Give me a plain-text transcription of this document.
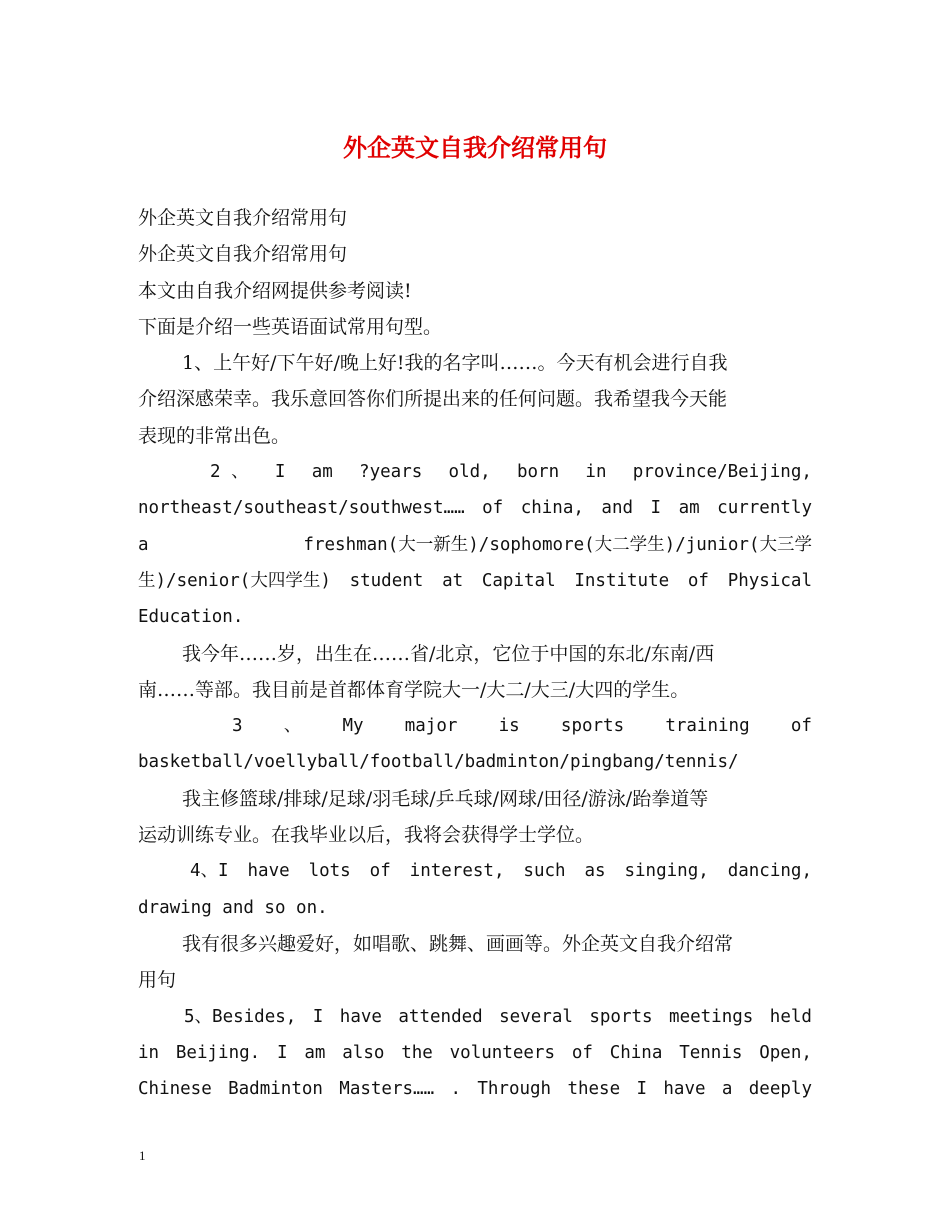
外企英文自我介绍常用句
外企英文自我介绍常用句
外企英文自我介绍常用句
本文由自我介绍网提供参考阅读!
下面是介绍一些英语面试常用句型。
1、上午好/下午好/晚上好!我的名字叫……。今天有机会进行自我
介绍深感荣幸。我乐意回答你们所提出来的任何问题。我希望我今天能
表现的非常出色。
2 、 I am ?years old, born in province/Beijing,
northeast/southeast/southwest…… of china, and I am currently
a	freshman(大一新生)/sophomore(大二学生)/junior(大三学
生)/senior(大四学生) student at Capital Institute of Physical
Education.
我今年……岁，出生在……省/北京，它位于中国的东北/东南/西
南……等部。我目前是首都体育学院大一/大二/大三/大四的学生。
3 、 My major is sports training of
basketball/voellyball/football/badminton/pingbang/tennis/
我主修篮球/排球/足球/羽毛球/乒乓球/网球/田径/游泳/跆拳道等
运动训练专业。在我毕业以后，我将会获得学士学位。
4、I have lots of interest, such as singing, dancing,
drawing and so on.
我有很多兴趣爱好，如唱歌、跳舞、画画等。外企英文自我介绍常
用句
5、Besides, I have attended several sports meetings held
in Beijing. I am also the volunteers of China Tennis Open,
Chinese Badminton Masters…… . Through these I have a deeply
1
